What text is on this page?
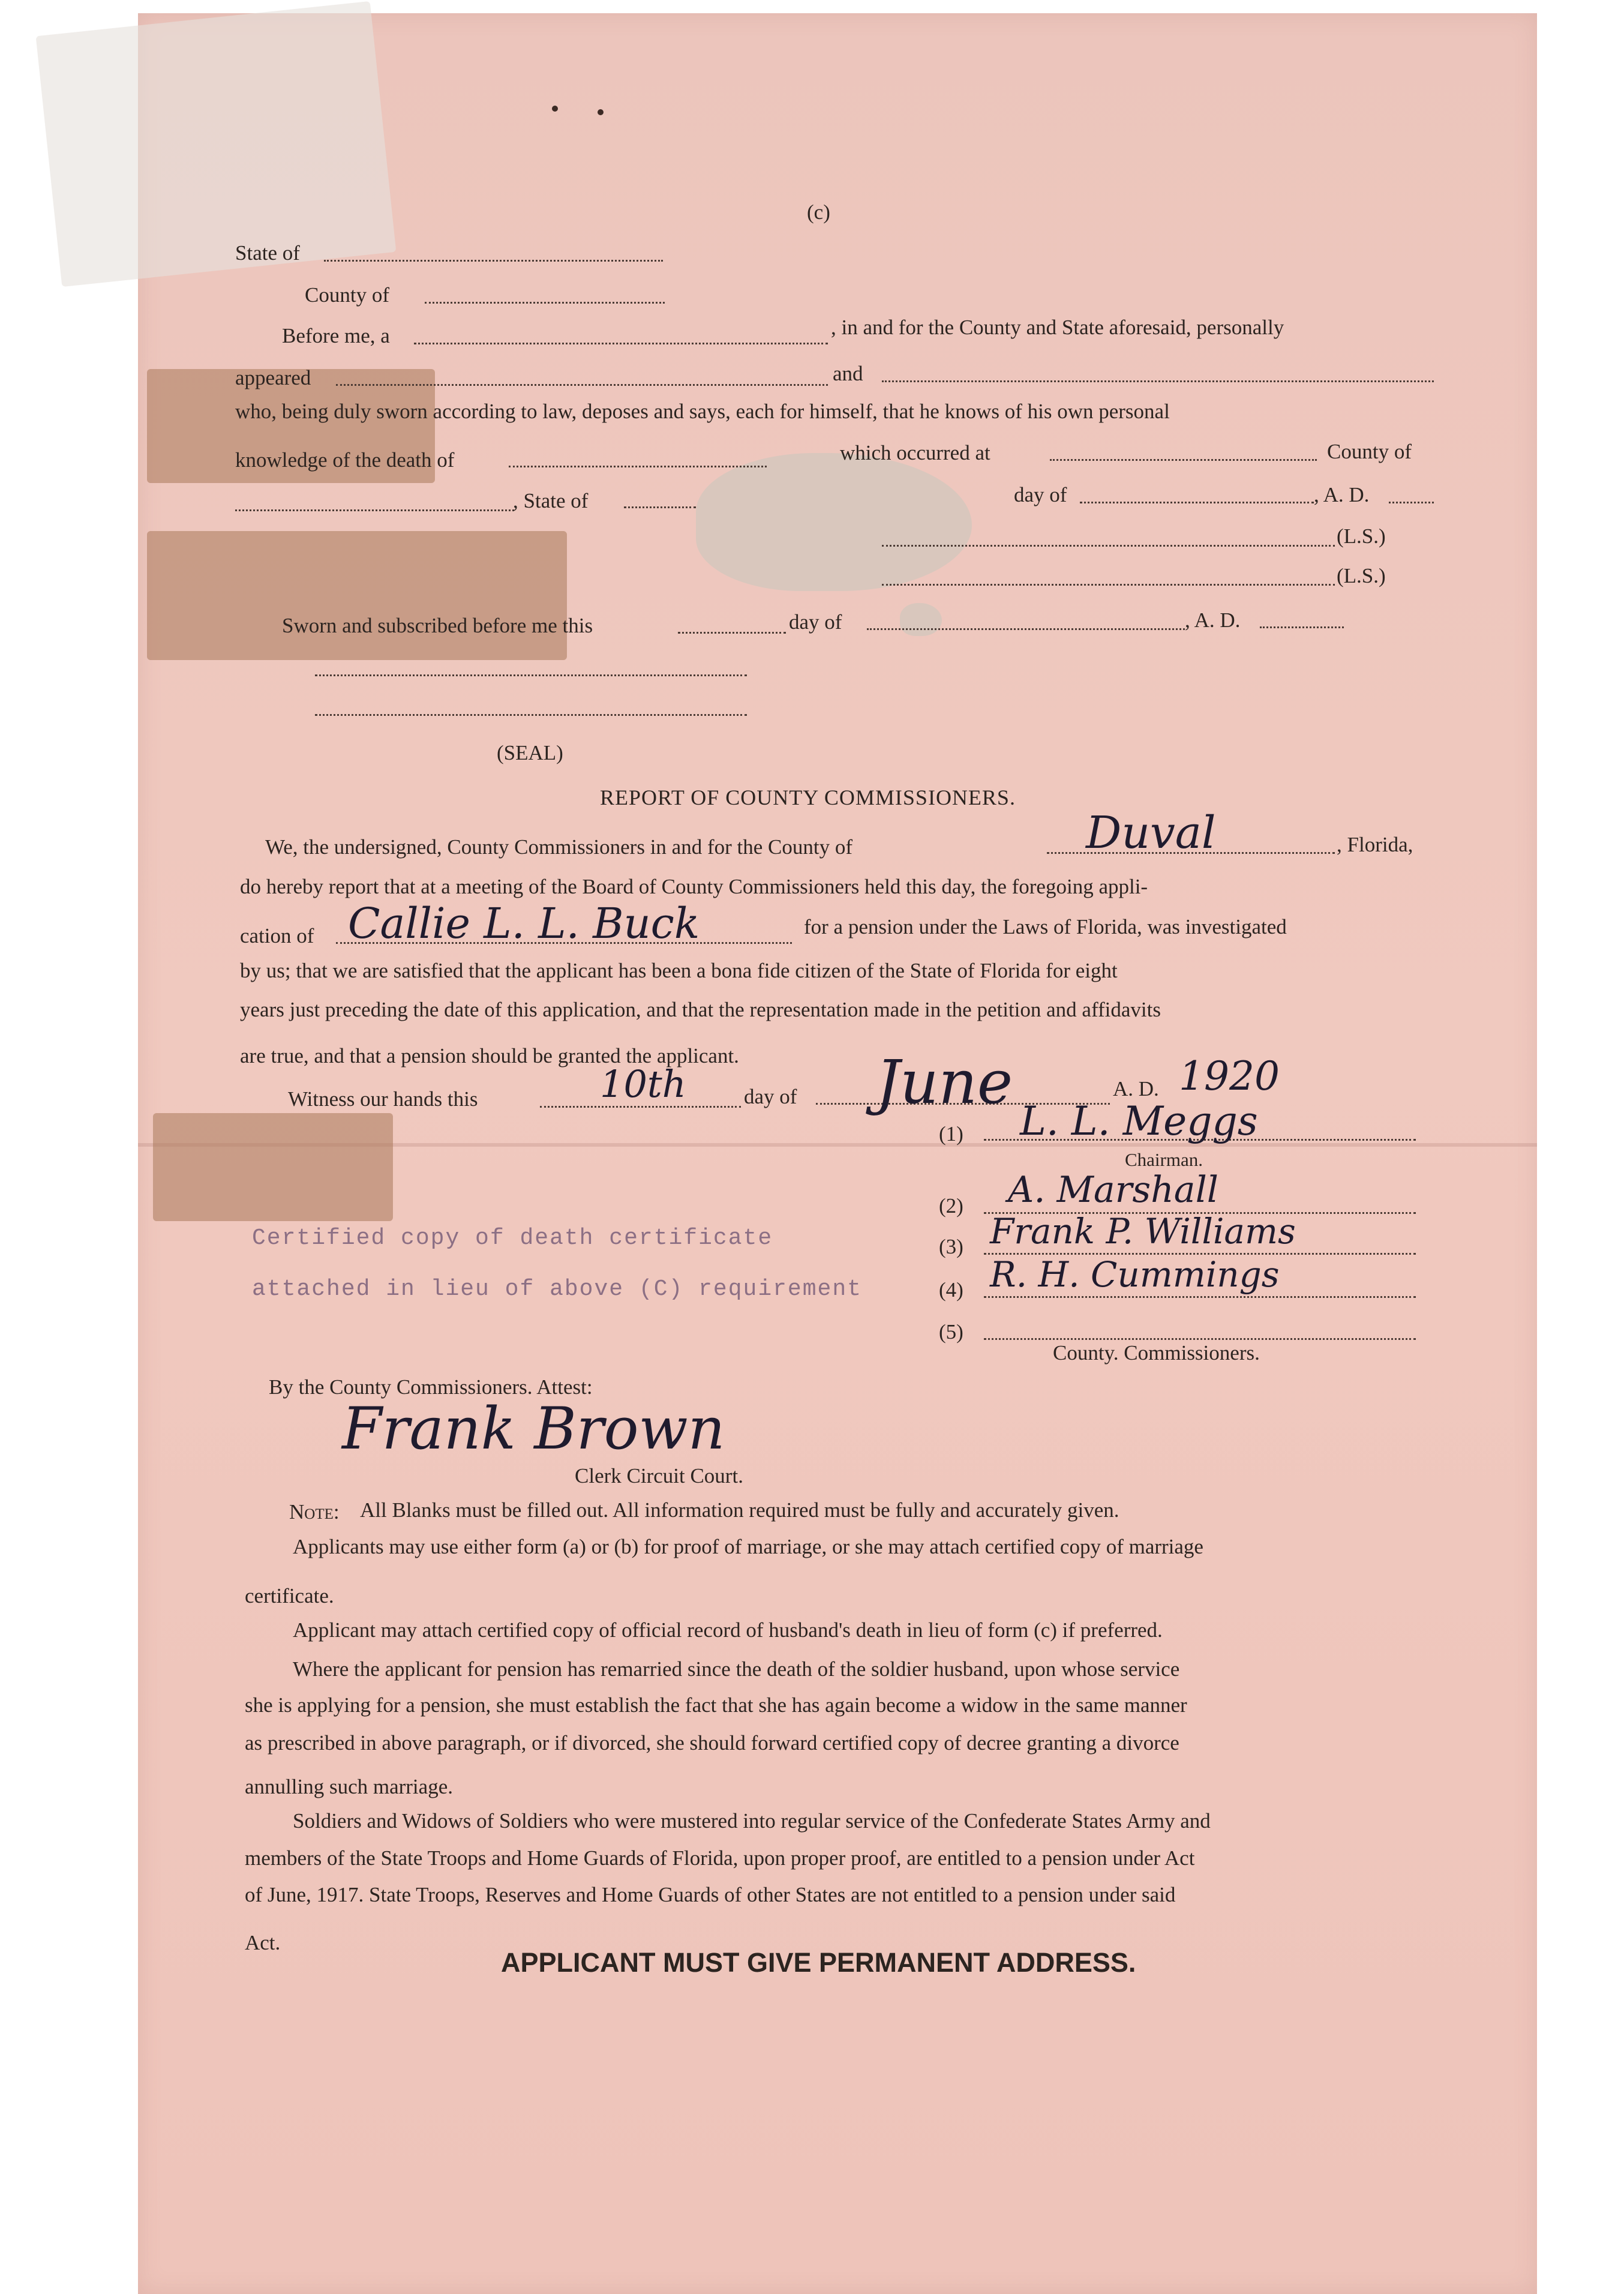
(c)
State of
County of
Before me, a	, in and for the County and State aforesaid, personally
appeared	and
who, being duly sworn according to law, deposes and says, each for himself, that he knows of his own personal
knowledge of the death of	which occurred at	County of
, State of	day of	, A. D.
(L.S.)
(L.S.)
Sworn and subscribed before me this	day of	, A. D.
(SEAL)
REPORT OF COUNTY COMMISSIONERS.
We, the undersigned, County Commissioners in and for the County of	Duval	, Florida,
do hereby report that at a meeting of the Board of County Commissioners held this day, the foregoing appli-
cation of Callie L. L. Buck	for a pension under the Laws of Florida, was investigated
by us; that we are satisfied that the applicant has been a bona fide citizen of the State of Florida for eight
years just preceding the date of this application, and that the representation made in the petition and affidavits
are true, and that a pension should be granted the applicant.
Witness our hands this	10th	day of June	A. D. 1920
(1) L. L. Meggs
Chairman.
(2) A. Marshall
(3) Frank P. Williams
(4) R. H. Cummings
(5)
County. Commissioners.
Certified copy of death certificate
attached in lieu of above (C) requirement
By the County Commissioners. Attest:
Frank Brown
Clerk Circuit Court.
Note: All Blanks must be filled out. All information required must be fully and accurately given.
Applicants may use either form (a) or (b) for proof of marriage, or she may attach certified copy of marriage
certificate.
Applicant may attach certified copy of official record of husband's death in lieu of form (c) if preferred.
Where the applicant for pension has remarried since the death of the soldier husband, upon whose service
she is applying for a pension, she must establish the fact that she has again become a widow in the same manner
as prescribed in above paragraph, or if divorced, she should forward certified copy of decree granting a divorce
annulling such marriage.
Soldiers and Widows of Soldiers who were mustered into regular service of the Confederate States Army and
members of the State Troops and Home Guards of Florida, upon proper proof, are entitled to a pension under Act
of June, 1917. State Troops, Reserves and Home Guards of other States are not entitled to a pension under said
Act.
APPLICANT MUST GIVE PERMANENT ADDRESS.
